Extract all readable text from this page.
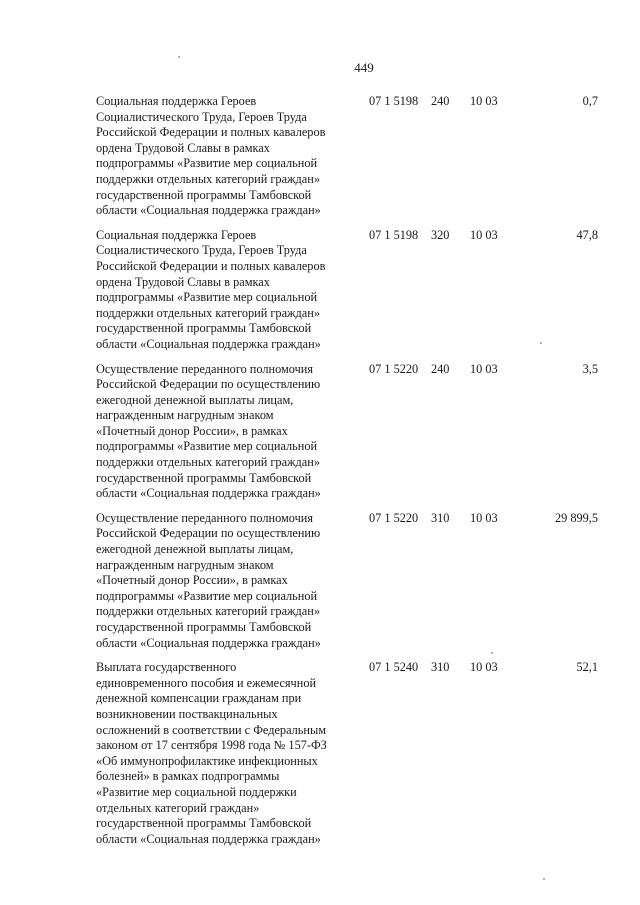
449
Социальная поддержка Героев
Социалистического Труда, Героев Труда
Российской Федерации и полных кавалеров
ордена Трудовой Славы в рамках
подпрограммы «Развитие мер социальной
поддержки отдельных категорий граждан»
государственной программы Тамбовской
области «Социальная поддержка граждан»
07 1 5198 240 10 03	0,7
Социальная поддержка Героев
Социалистического Труда, Героев Труда
Российской Федерации и полных кавалеров
ордена Трудовой Славы в рамках
подпрограммы «Развитие мер социальной
поддержки отдельных категорий граждан»
государственной программы Тамбовской
области «Социальная поддержка граждан»
07 1 5198 320 10 03	47,8
Осуществление переданного полномочия
Российской Федерации по осуществлению
ежегодной денежной выплаты лицам,
награжденным нагрудным знаком
«Почетный донор России», в рамках
подпрограммы «Развитие мер социальной
поддержки отдельных категорий граждан»
государственной программы Тамбовской
области «Социальная поддержка граждан»
07 1 5220 240 10 03	3,5
Осуществление переданного полномочия
Российской Федерации по осуществлению
ежегодной денежной выплаты лицам,
награжденным нагрудным знаком
«Почетный донор России», в рамках
подпрограммы «Развитие мер социальной
поддержки отдельных категорий граждан»
государственной программы Тамбовской
области «Социальная поддержка граждан»
07 1 5220 310 10 03	29 899,5
Выплата государственного
единовременного пособия и ежемесячной
денежной компенсации гражданам при
возникновении поствакцинальных
осложнений в соответствии с Федеральным
законом от 17 сентября 1998 года № 157-ФЗ
«Об иммунопрофилактике инфекционных
болезней» в рамках подпрограммы
«Развитие мер социальной поддержки
отдельных категорий граждан»
государственной программы Тамбовской
области «Социальная поддержка граждан»
07 1 5240 310 10 03	52,1
